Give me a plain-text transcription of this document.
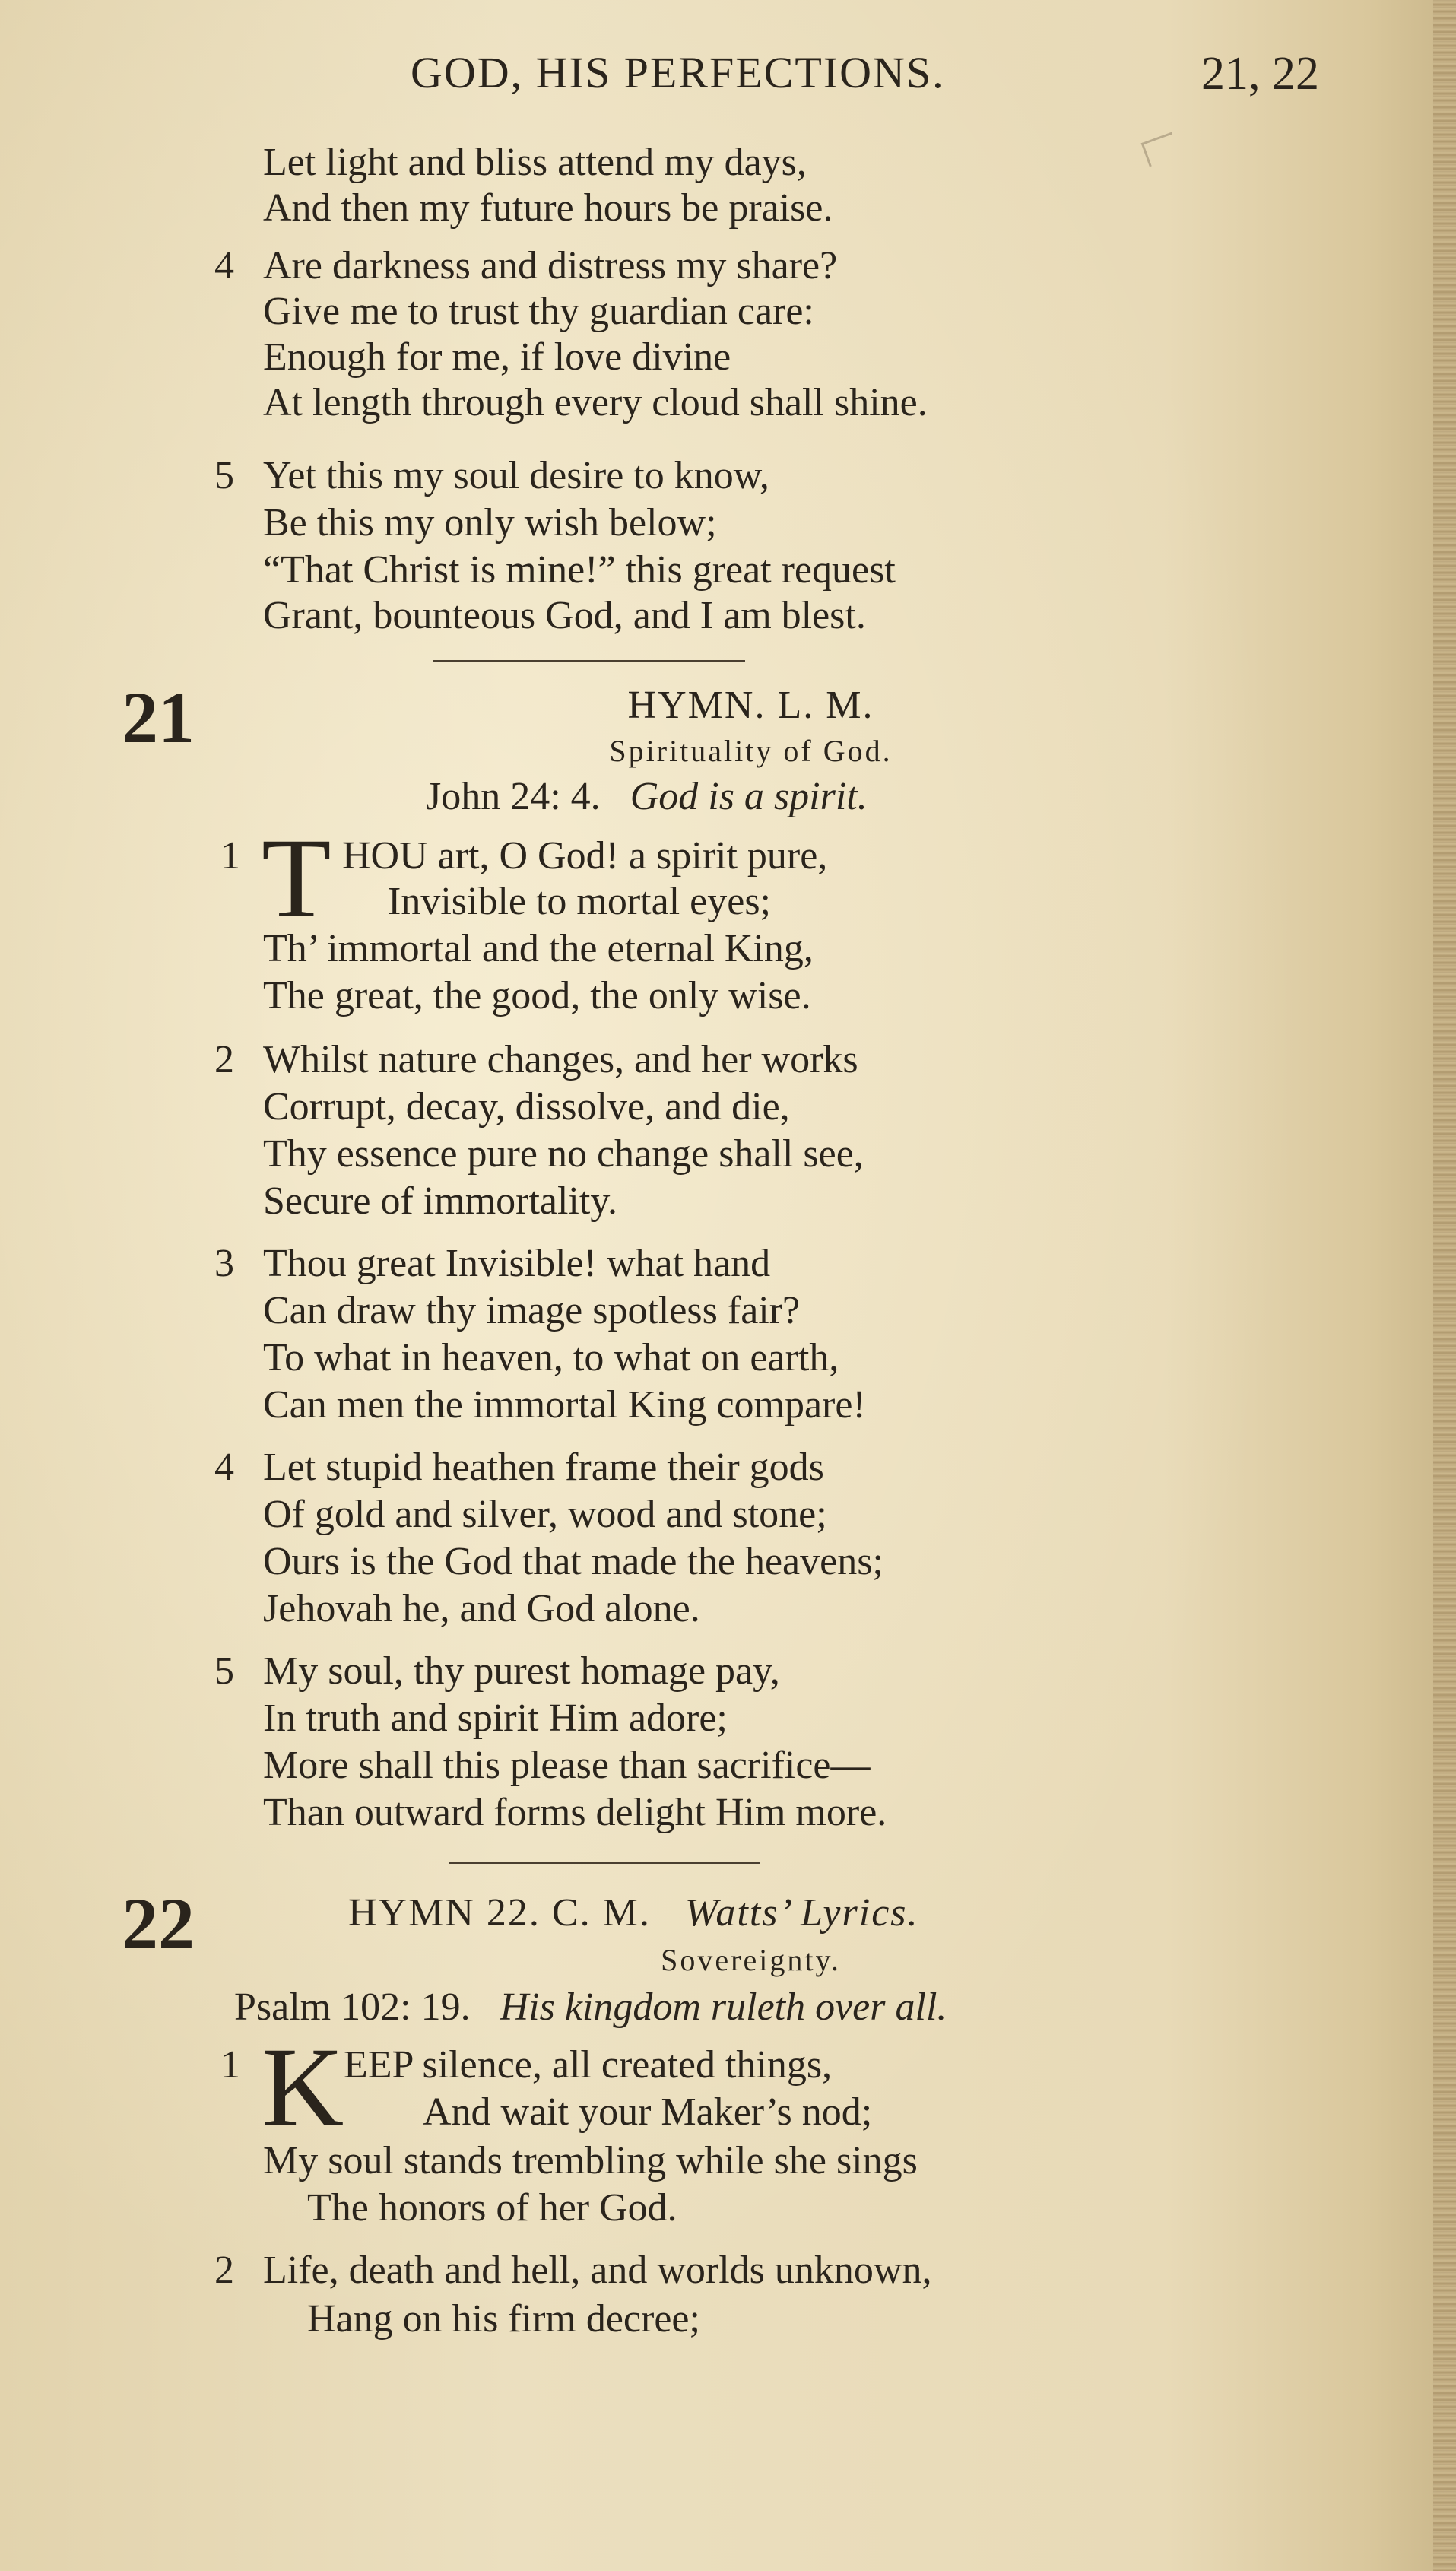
GOD, HIS PERFECTIONS.	21, 22
Let light and bliss attend my days,
And then my future hours be praise.
4 Are darkness and distress my share?
Give me to trust thy guardian care:
Enough for me, if love divine
At length through every cloud shall shine.
5 Yet this my soul desire to know,
Be this my only wish below;
“That Christ is mine!” this great request
Grant, bounteous God, and I am blest.
21	HYMN. L. M.
Spirituality of God.
John 24: 4. God is a spirit.
1 T HOU art, O God! a spirit pure,
Invisible to mortal eyes;
Th’ immortal and the eternal King,
The great, the good, the only wise.
2 Whilst nature changes, and her works
Corrupt, decay, dissolve, and die,
Thy essence pure no change shall see,
Secure of immortality.
3 Thou great Invisible! what hand
Can draw thy image spotless fair?
To what in heaven, to what on earth,
Can men the immortal King compare!
4 Let stupid heathen frame their gods
Of gold and silver, wood and stone;
Ours is the God that made the heavens;
Jehovah he, and God alone.
5 My soul, thy purest homage pay,
In truth and spirit Him adore;
More shall this please than sacrifice—
Than outward forms delight Him more.
22	HYMN 22. C. M. Watts’ Lyrics.
Sovereignty.
Psalm 102: 19. His kingdom ruleth over all.
1 K EEP silence, all created things,
And wait your Maker’s nod;
My soul stands trembling while she sings
The honors of her God.
2 Life, death and hell, and worlds unknown,
Hang on his firm decree;
